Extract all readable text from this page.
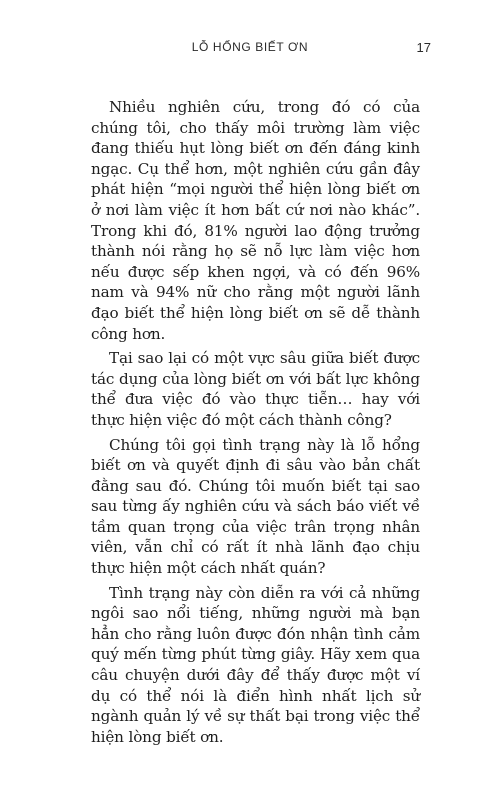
LỖ HỔNG BIẾT ƠN	17

Nhiều nghiên cứu, trong đó có của chúng tôi, cho thấy môi trường làm việc đang thiếu hụt lòng biết ơn đến đáng kinh ngạc. Cụ thể hơn, một nghiên cứu gần đây phát hiện “mọi người thể hiện lòng biết ơn ở nơi làm việc ít hơn bất cứ nơi nào khác”. Trong khi đó, 81% người lao động trưởng thành nói rằng họ sẽ nỗ lực làm việc hơn nếu được sếp khen ngợi, và có đến 96% nam và 94% nữ cho rằng một người lãnh đạo biết thể hiện lòng biết ơn sẽ dễ thành công hơn.

Tại sao lại có một vực sâu giữa biết được tác dụng của lòng biết ơn với bất lực không thể đưa việc đó vào thực tiễn… hay với thực hiện việc đó một cách thành công?

Chúng tôi gọi tình trạng này là lỗ hổng biết ơn và quyết định đi sâu vào bản chất đằng sau đó. Chúng tôi muốn biết tại sao sau từng ấy nghiên cứu và sách báo viết về tầm quan trọng của việc trân trọng nhân viên, vẫn chỉ có rất ít nhà lãnh đạo chịu thực hiện một cách nhất quán?

Tình trạng này còn diễn ra với cả những ngôi sao nổi tiếng, những người mà bạn hẳn cho rằng luôn được đón nhận tình cảm quý mến từng phút từng giây. Hãy xem qua câu chuyện dưới đây để thấy được một ví dụ có thể nói là điển hình nhất lịch sử ngành quản lý về sự thất bại trong việc thể hiện lòng biết ơn.
